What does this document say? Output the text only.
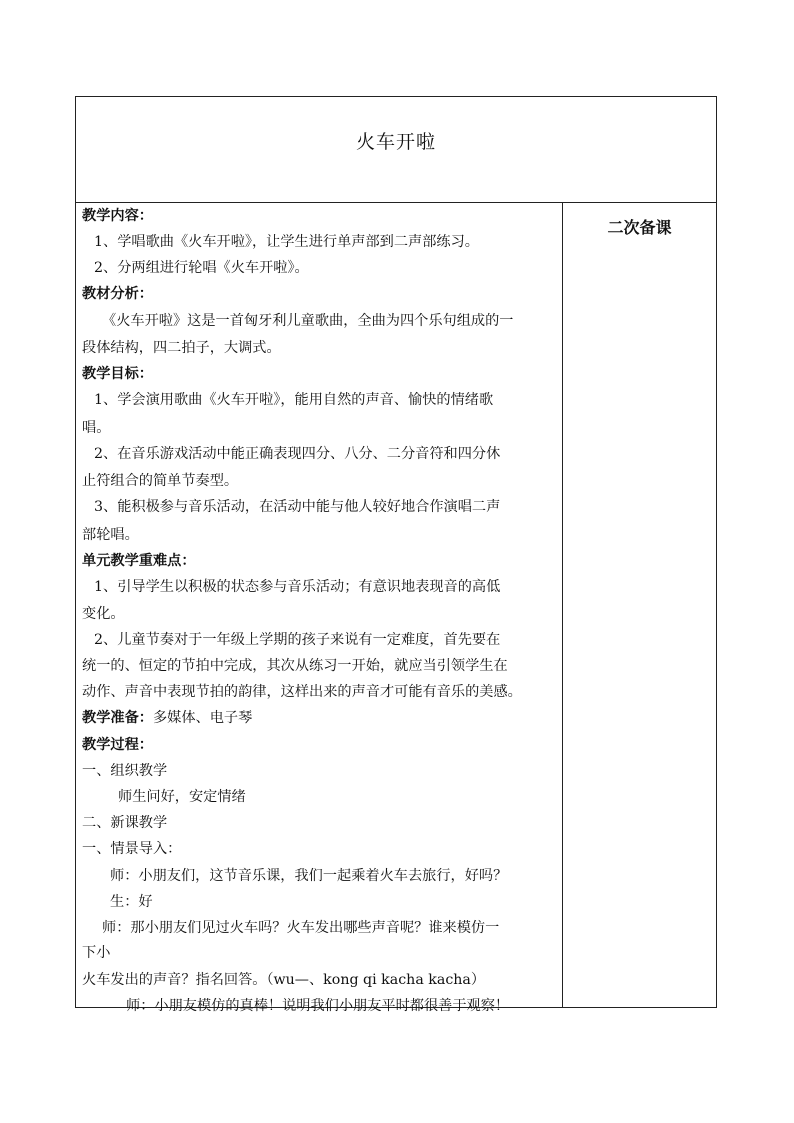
火车开啦
教学内容：
1、学唱歌曲《火车开啦》，让学生进行单声部到二声部练习。
2、分两组进行轮唱《火车开啦》。
教材分析：
《火车开啦》这是一首匈牙利儿童歌曲，全曲为四个乐句组成的一
段体结构，四二拍子，大调式。
教学目标：
1、学会演用歌曲《火车开啦》，能用自然的声音、愉快的情绪歌
唱。
2、在音乐游戏活动中能正确表现四分、八分、二分音符和四分休
止符组合的简单节奏型。
3、能积极参与音乐活动，在活动中能与他人较好地合作演唱二声
部轮唱。
单元教学重难点：
1、引导学生以积极的状态参与音乐活动；有意识地表现音的高低
变化。
2、儿童节奏对于一年级上学期的孩子来说有一定难度，首先要在
统一的、恒定的节拍中完成，其次从练习一开始，就应当引领学生在
动作、声音中表现节拍的韵律，这样出来的声音才可能有音乐的美感。
教学准备：多媒体、电子琴
教学过程：
一、组织教学
师生问好，安定情绪
二、新课教学
一、情景导入：
师：小朋友们，这节音乐课，我们一起乘着火车去旅行，好吗？
生：好
师：那小朋友们见过火车吗？火车发出哪些声音呢？谁来模仿一
下小
火车发出的声音？指名回答。（wu—、kong qi kacha kacha）
师：小朋友模仿的真棒！说明我们小朋友平时都很善于观察！
二次备课
